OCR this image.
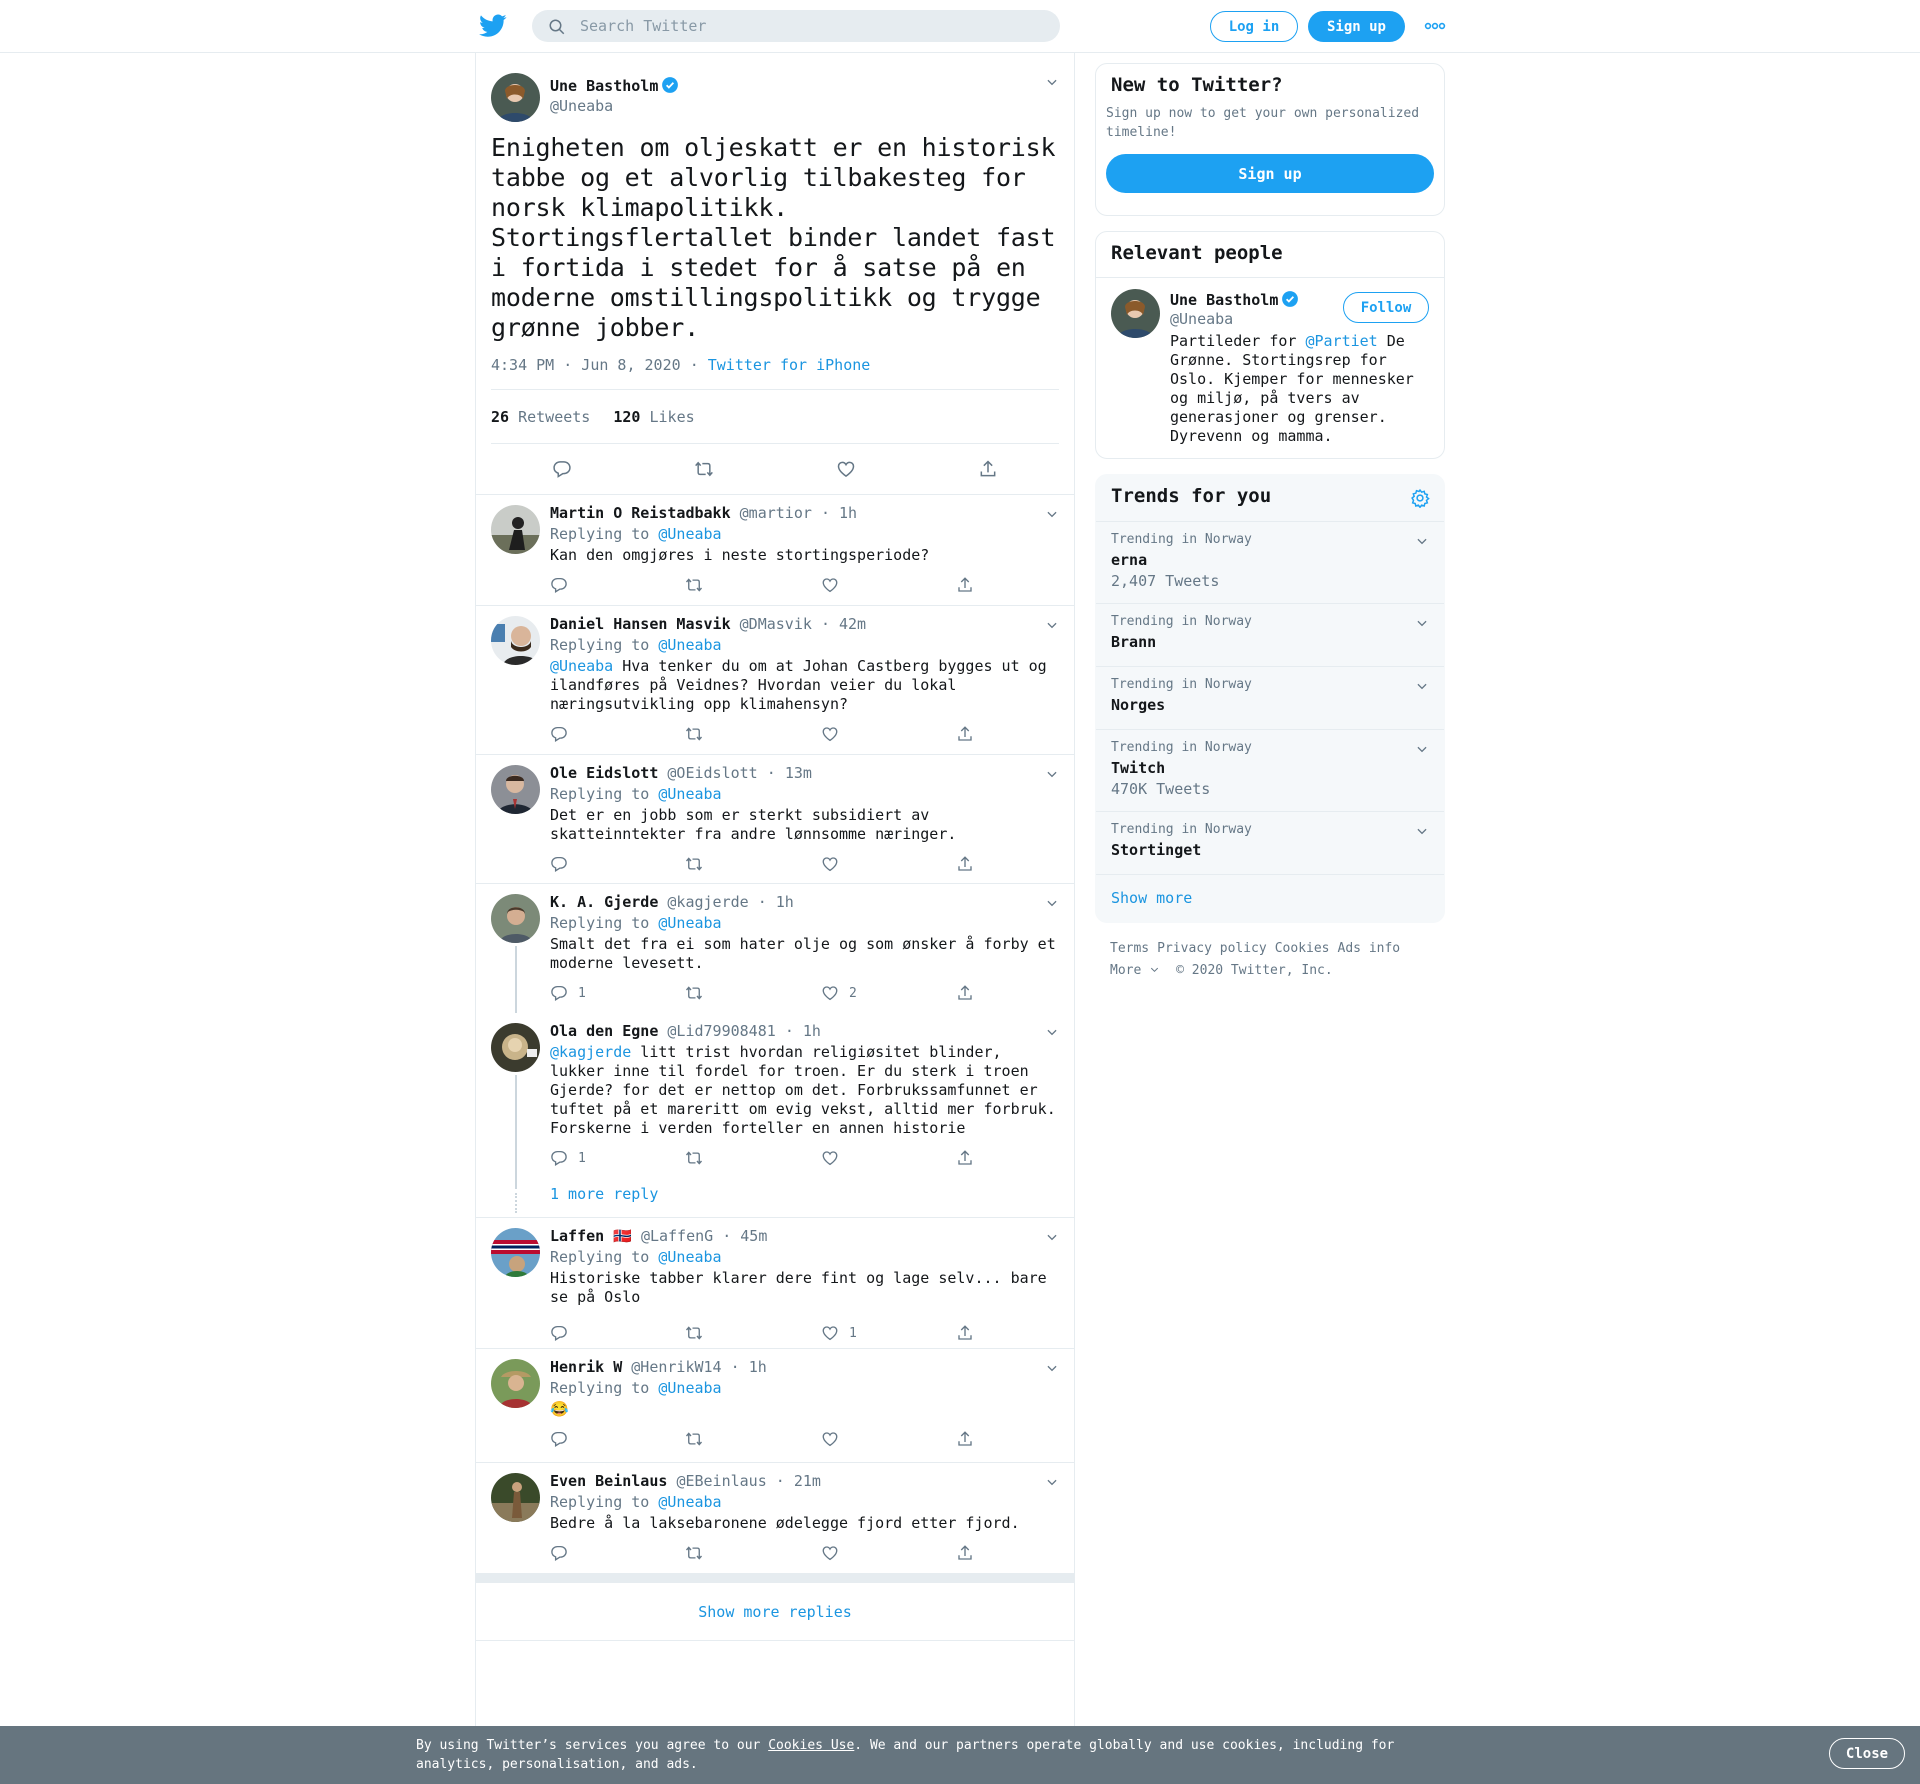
Search Twitter
Log in	Sign up
Une Bastholm
@Uneaba
Enigheten om oljeskatt er en historisk tabbe og et alvorlig tilbakesteg for norsk klimapolitikk. Stortingsflertallet binder landet fast i fortida i stedet for å satse på en moderne omstillingspolitikk og trygge grønne jobber.
4:34 PM · Jun 8, 2020 · Twitter for iPhone
26 Retweets 120 Likes
Martin O Reistadbakk @martior · 1h
Replying to @Uneaba
Kan den omgjøres i neste stortingsperiode?
Daniel Hansen Masvik @DMasvik · 42m
Replying to @Uneaba
@Uneaba Hva tenker du om at Johan Castberg bygges ut og ilandføres på Veidnes? Hvordan veier du lokal næringsutvikling opp klimahensyn?
Ole Eidslott @OEidslott · 13m
Replying to @Uneaba
Det er en jobb som er sterkt subsidiert av skatteinntekter fra andre lønnsomme næringer.
K. A. Gjerde @kagjerde · 1h
Replying to @Uneaba
Smalt det fra ei som hater olje og som ønsker å forby et moderne levesett.
1	2
Ola den Egne @Lid79908481 · 1h
@kagjerde litt trist hvordan religiøsitet blinder, lukker inne til fordel for troen. Er du sterk i troen Gjerde? for det er nettop om det. Forbrukssamfunnet er tuftet på et mareritt om evig vekst, alltid mer forbruk. Forskerne i verden forteller en annen historie
1
1 more reply
Laffen 🇳🇴 @LaffenG · 45m
Replying to @Uneaba
Historiske tabber klarer dere fint og lage selv... bare se på Oslo
1
Henrik W @HenrikW14 · 1h
Replying to @Uneaba
😂
Even Beinlaus @EBeinlaus · 21m
Replying to @Uneaba
Bedre å la laksebaronene ødelegge fjord etter fjord.
Show more replies
New to Twitter?
Sign up now to get your own personalized timeline!
Sign up
Relevant people
Une Bastholm
@Uneaba
Follow
Partileder for @Partiet De Grønne. Stortingsrep for Oslo. Kjemper for mennesker og miljø, på tvers av generasjoner og grenser. Dyrevenn og mamma.
Trends for you
Trending in Norway
erna
2,407 Tweets
Trending in Norway
Brann
Trending in Norway
Norges
Trending in Norway
Twitch
470K Tweets
Trending in Norway
Stortinget
Show more
Terms Privacy policy Cookies Ads info
More	© 2020 Twitter, Inc.
By using Twitter’s services you agree to our Cookies Use. We and our partners operate globally and use cookies, including for analytics, personalisation, and ads.
Close
